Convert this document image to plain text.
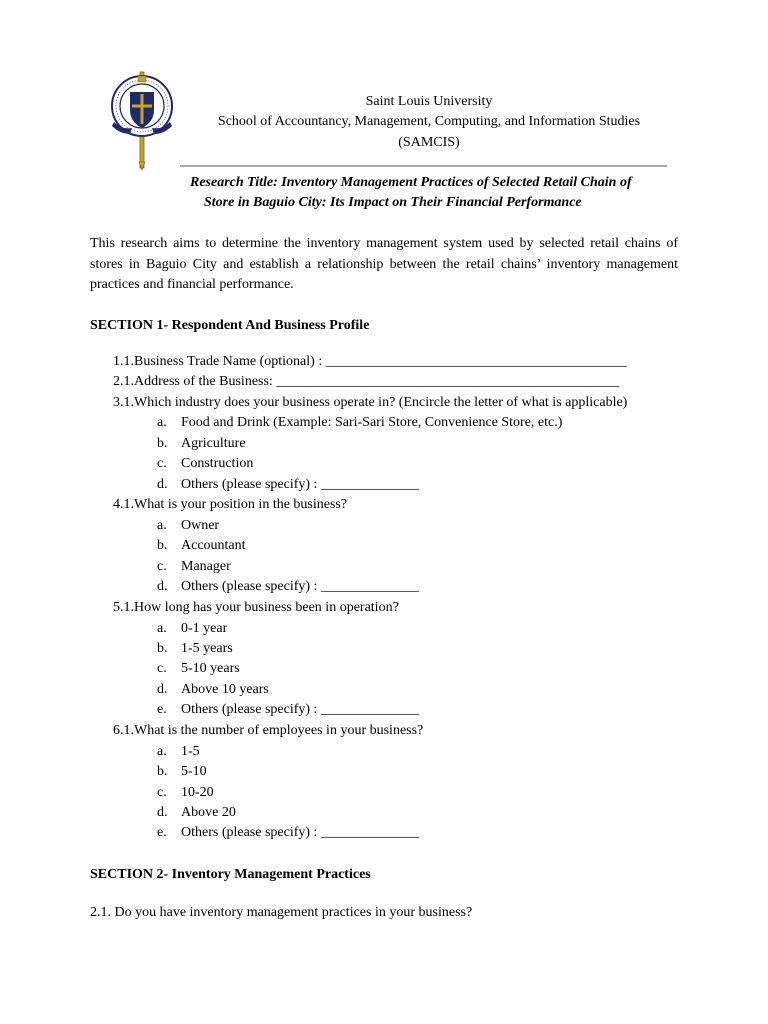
Saint Louis University
School of Accountancy, Management, Computing, and Information Studies
(SAMCIS)
Research Title: Inventory Management Practices of Selected Retail Chain of
Store in Baguio City: Its Impact on Their Financial Performance
This research aims to determine the inventory management system used by selected retail chains of stores in Baguio City and establish a relationship between the retail chains’ inventory management practices and financial performance.
SECTION 1- Respondent And Business Profile
1.1.Business Trade Name (optional) : ___________________________________________
2.1.Address of the Business: _________________________________________________
3.1.Which industry does your business operate in? (Encircle the letter of what is applicable)
a. Food and Drink (Example: Sari-Sari Store, Convenience Store, etc.)
b. Agriculture
c. Construction
d. Others (please specify) : ______________
4.1.What is your position in the business?
a. Owner
b. Accountant
c. Manager
d. Others (please specify) : ______________
5.1.How long has your business been in operation?
a. 0-1 year
b. 1-5 years
c. 5-10 years
d. Above 10 years
e. Others (please specify) : ______________
6.1.What is the number of employees in your business?
a. 1-5
b. 5-10
c. 10-20
d. Above 20
e. Others (please specify) : ______________
SECTION 2- Inventory Management Practices
2.1. Do you have inventory management practices in your business?
